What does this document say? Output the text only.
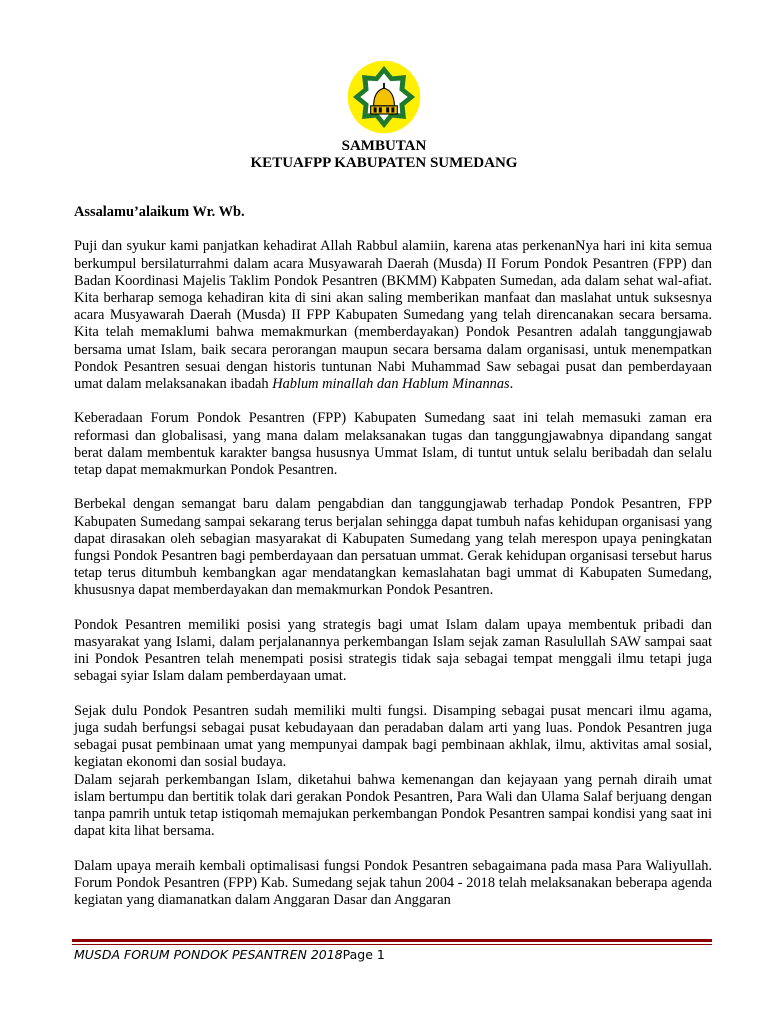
SAMBUTAN
KETUAFPP KABUPATEN SUMEDANG

Assalamu’alaikum Wr. Wb.

Puji dan syukur kami panjatkan kehadirat Allah Rabbul alamiin, karena atas perkenanNya hari ini kita semua berkumpul bersilaturrahmi dalam acara Musyawarah Daerah (Musda) II Forum Pondok Pesantren (FPP) dan Badan Koordinasi Majelis Taklim Pondok Pesantren (BKMM) Kabpaten Sumedan, ada dalam sehat wal-afiat. Kita berharap semoga kehadiran kita di sini akan saling memberikan manfaat dan maslahat untuk suksesnya acara Musyawarah Daerah (Musda) II FPP Kabupaten Sumedang yang telah direncanakan secara bersama. Kita telah memaklumi bahwa memakmurkan (memberdayakan) Pondok Pesantren adalah tanggungjawab bersama umat Islam, baik secara perorangan maupun secara bersama dalam organisasi, untuk menempatkan Pondok Pesantren sesuai dengan historis tuntunan Nabi Muhammad Saw sebagai pusat dan pemberdayaan umat dalam melaksanakan ibadah Hablum minallah dan Hablum Minannas.

Keberadaan Forum Pondok Pesantren (FPP) Kabupaten Sumedang saat ini telah memasuki zaman era reformasi dan globalisasi, yang mana dalam melaksanakan tugas dan tanggungjawabnya dipandang sangat berat dalam membentuk karakter bangsa hususnya Ummat Islam, di tuntut untuk selalu beribadah dan selalu tetap dapat memakmurkan Pondok Pesantren.

Berbekal dengan semangat baru dalam pengabdian dan tanggungjawab terhadap Pondok Pesantren, FPP Kabupaten Sumedang sampai sekarang terus berjalan sehingga dapat tumbuh nafas kehidupan organisasi yang dapat dirasakan oleh sebagian masyarakat di Kabupaten Sumedang yang telah merespon upaya peningkatan fungsi Pondok Pesantren bagi pemberdayaan dan persatuan ummat. Gerak kehidupan organisasi tersebut harus tetap terus ditumbuh kembangkan agar mendatangkan kemaslahatan bagi ummat di Kabupaten Sumedang, khususnya dapat memberdayakan dan memakmurkan Pondok Pesantren.

Pondok Pesantren memiliki posisi yang strategis bagi umat Islam dalam upaya membentuk pribadi dan masyarakat yang Islami, dalam perjalanannya perkembangan Islam sejak zaman Rasulullah SAW sampai saat ini Pondok Pesantren telah menempati posisi strategis tidak saja sebagai tempat menggali ilmu tetapi juga sebagai syiar Islam dalam pemberdayaan umat.

Sejak dulu Pondok Pesantren sudah memiliki multi fungsi. Disamping sebagai pusat mencari ilmu agama, juga sudah berfungsi sebagai pusat kebudayaan dan peradaban dalam arti yang luas. Pondok Pesantren juga sebagai pusat pembinaan umat yang mempunyai dampak bagi pembinaan akhlak, ilmu, aktivitas amal sosial, kegiatan ekonomi dan sosial budaya.

Dalam sejarah perkembangan Islam, diketahui bahwa kemenangan dan kejayaan yang pernah diraih umat islam bertumpu dan bertitik tolak dari gerakan Pondok Pesantren, Para Wali dan Ulama Salaf berjuang dengan tanpa pamrih untuk tetap istiqomah memajukan perkembangan Pondok Pesantren sampai kondisi yang saat ini dapat kita lihat bersama.

Dalam upaya meraih kembali optimalisasi fungsi Pondok Pesantren sebagaimana pada masa Para Waliyullah. Forum Pondok Pesantren (FPP) Kab. Sumedang sejak tahun 2004 - 2018 telah melaksanakan beberapa agenda kegiatan yang diamanatkan dalam Anggaran Dasar dan Anggaran

MUSDA FORUM PONDOK PESANTREN 2018Page 1
